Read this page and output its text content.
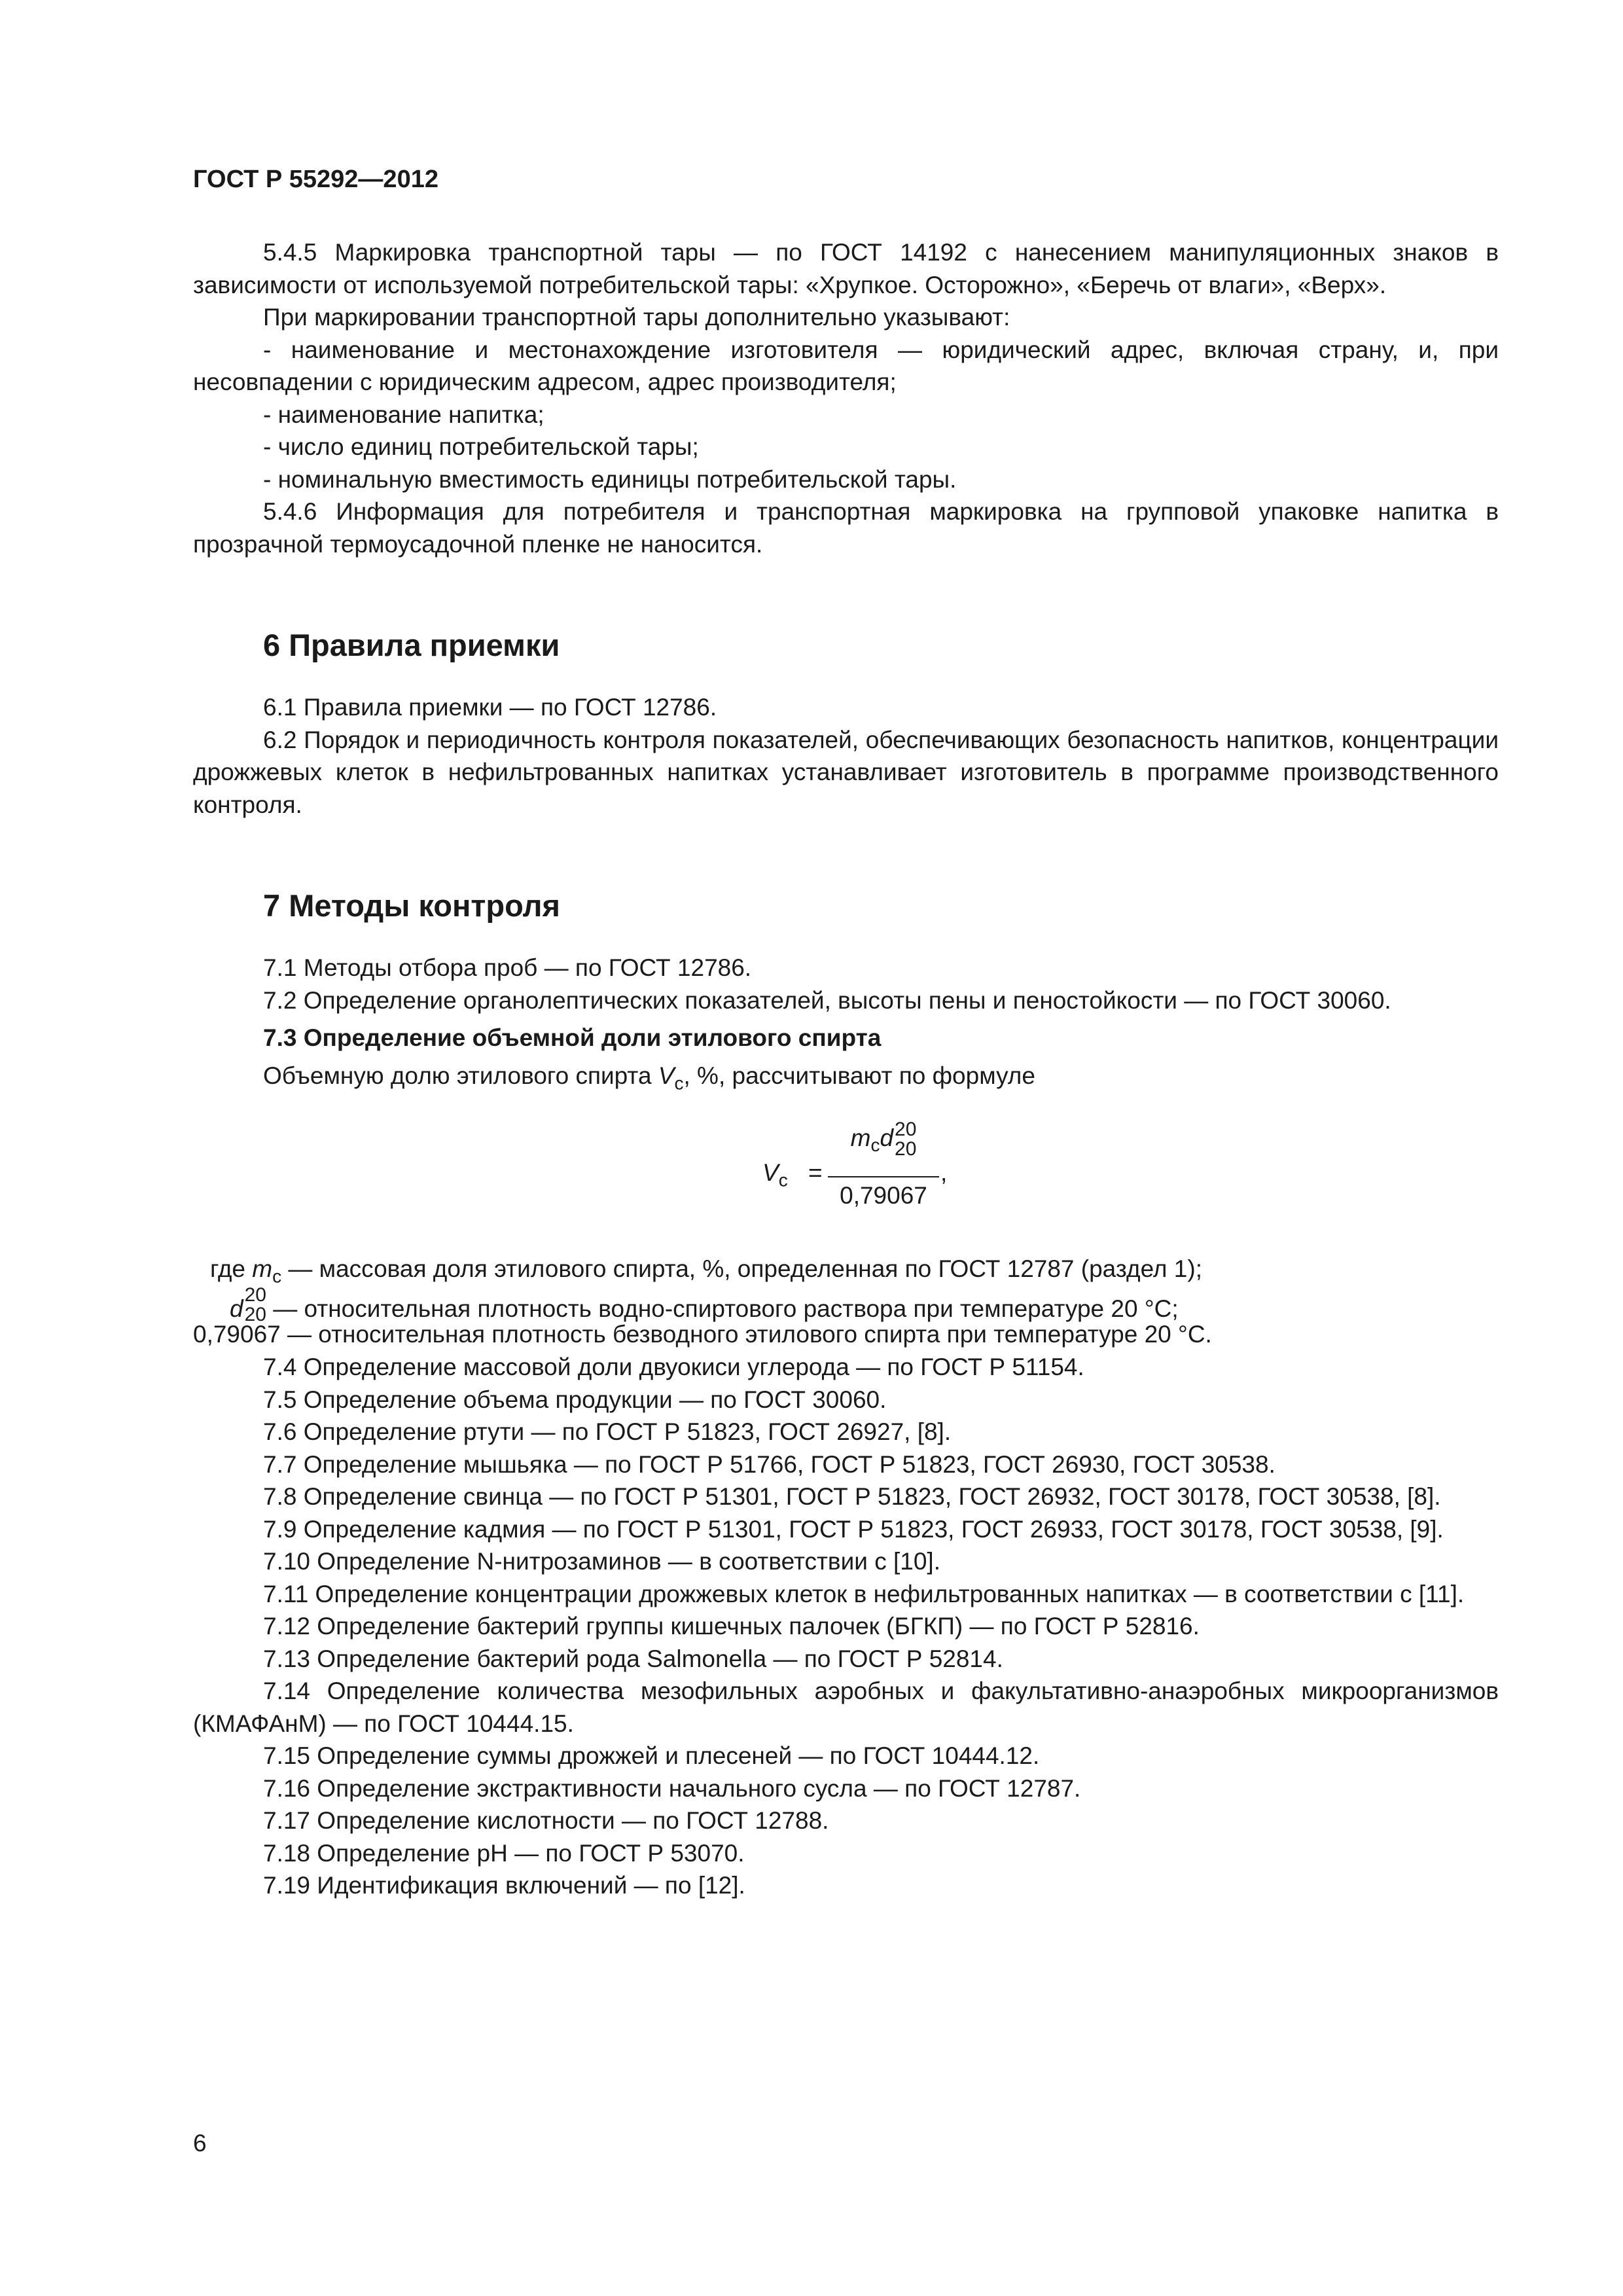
ГОСТ Р 55292—2012

5.4.5 Маркировка транспортной тары — по ГОСТ 14192 с нанесением манипуляционных знаков в зависимости от используемой потребительской тары: «Хрупкое. Осторожно», «Беречь от влаги», «Верх».

При маркировании транспортной тары дополнительно указывают:

- наименование и местонахождение изготовителя — юридический адрес, включая страну, и, при несовпадении с юридическим адресом, адрес производителя;

- наименование напитка;

- число единиц потребительской тары;

- номинальную вместимость единицы потребительской тары.

5.4.6 Информация для потребителя и транспортная маркировка на групповой упаковке напитка в прозрачной термоусадочной пленке не наносится.

6 Правила приемки

6.1 Правила приемки — по ГОСТ 12786.

6.2 Порядок и периодичность контроля показателей, обеспечивающих безопасность напитков, концентрации дрожжевых клеток в нефильтрованных напитках устанавливает изготовитель в программе производственного контроля.

7 Методы контроля

7.1 Методы отбора проб — по ГОСТ 12786.

7.2 Определение органолептических показателей, высоты пены и пеностойкости — по ГОСТ 30060.

7.3 Определение объемной доли этилового спирта

Объемную долю этилового спирта $V_c$, %, рассчитывают по формуле

$V_c$ =
$m_cd$ 20
20
0,79067
,
где $m_c$ — массовая доля этилового спирта, %, определенная по ГОСТ 12787 (раздел 1);
d
20
20 — относительная плотность водно-спиртового раствора при температуре 20 °С;
0,79067 — относительная плотность безводного этилового спирта при температуре 20 °С.

7.4 Определение массовой доли двуокиси углерода — по ГОСТ Р 51154.

7.5 Определение объема продукции — по ГОСТ 30060.

7.6 Определение ртути — по ГОСТ Р 51823, ГОСТ 26927, [8].

7.7 Определение мышьяка — по ГОСТ Р 51766, ГОСТ Р 51823, ГОСТ 26930, ГОСТ 30538.

7.8 Определение свинца — по ГОСТ Р 51301, ГОСТ Р 51823, ГОСТ 26932, ГОСТ 30178, ГОСТ 30538, [8].

7.9 Определение кадмия — по ГОСТ Р 51301, ГОСТ Р 51823, ГОСТ 26933, ГОСТ 30178, ГОСТ 30538, [9].

7.10 Определение N-нитрозаминов — в соответствии с [10].

7.11 Определение концентрации дрожжевых клеток в нефильтрованных напитках — в соответствии с [11].

7.12 Определение бактерий группы кишечных палочек (БГКП) — по ГОСТ Р 52816.

7.13 Определение бактерий рода Salmonella — по ГОСТ Р 52814.

7.14 Определение количества мезофильных аэробных и факультативно-анаэробных микроорганизмов (КМАФАнМ) — по ГОСТ 10444.15.

7.15 Определение суммы дрожжей и плесеней — по ГОСТ 10444.12.

7.16 Определение экстрактивности начального сусла — по ГОСТ 12787.

7.17 Определение кислотности — по ГОСТ 12788.

7.18 Определение pH — по ГОСТ Р 53070.

7.19 Идентификация включений — по [12].

6
